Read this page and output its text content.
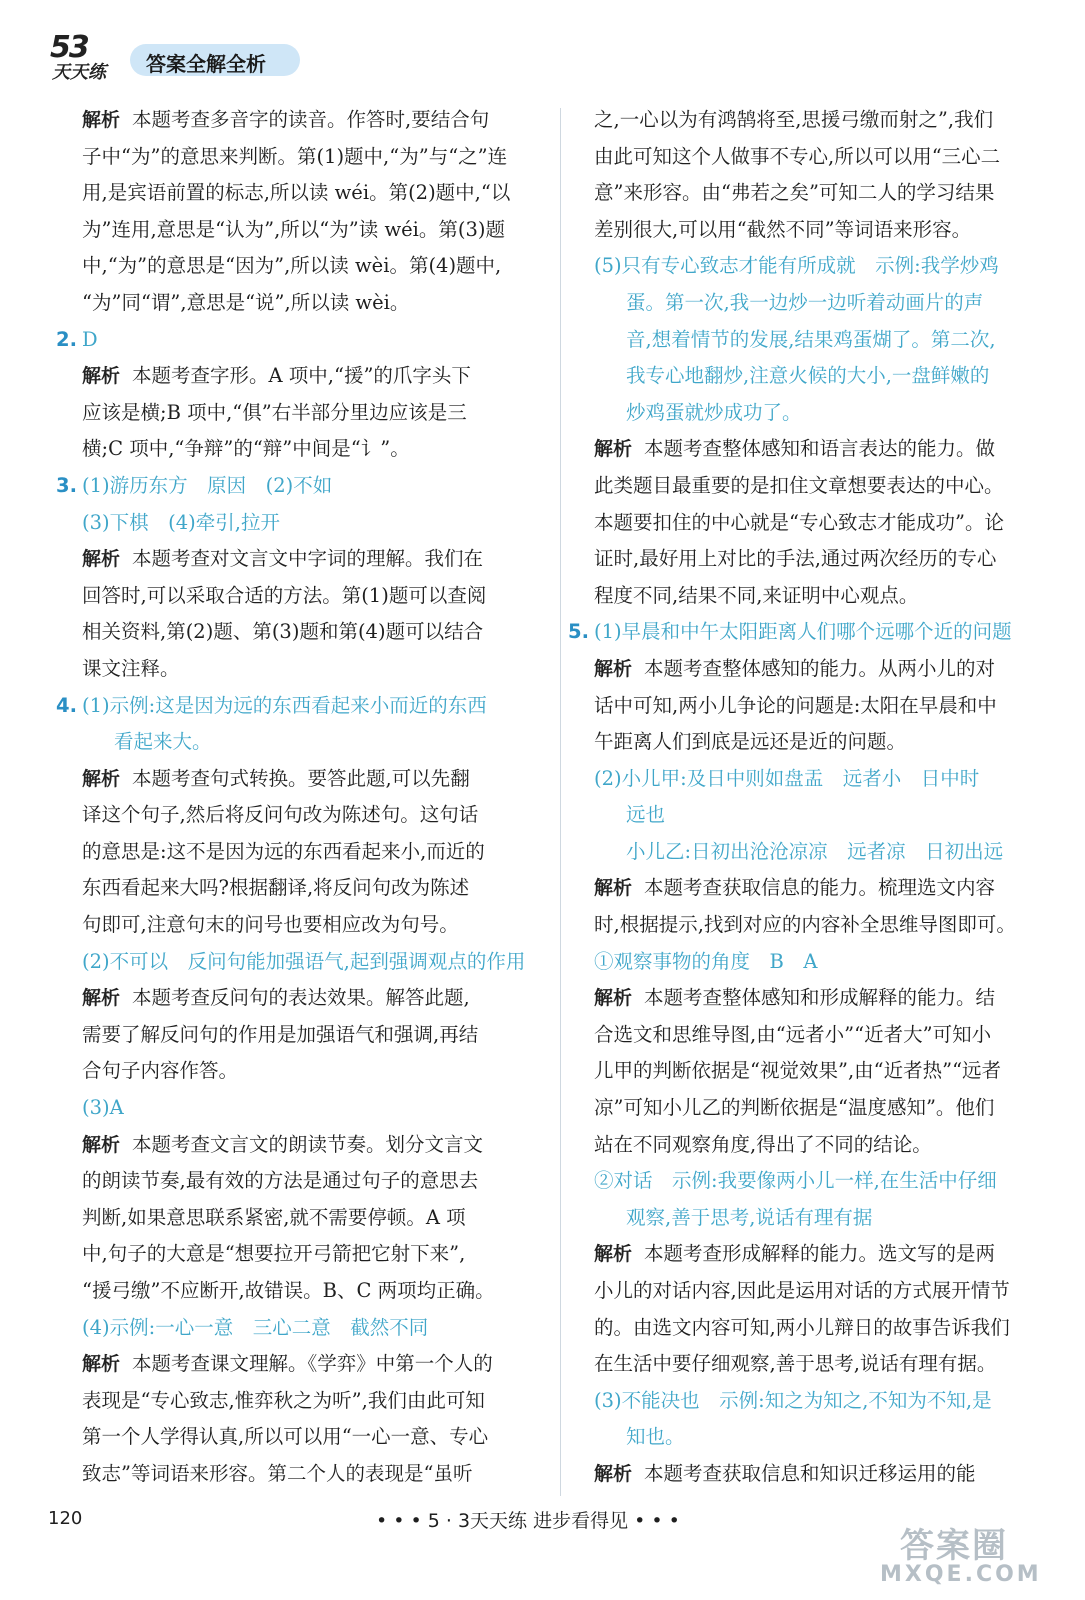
53
天天练 答案全解全析
解析 本题考查多音字的读音。作答时,要结合句
子中“为”的意思来判断。第(1)题中,“为”与“之”连
用,是宾语前置的标志,所以读 wéi。第(2)题中,“以
为”连用,意思是“认为”,所以“为”读 wéi。第(3)题
中,“为”的意思是“因为”,所以读 wèi。第(4)题中,
“为”同“谓”,意思是“说”,所以读 wèi。
2. D
解析 本题考查字形。A 项中,“援”的爪字头下
应该是横;B 项中,“俱”右半部分里边应该是三
横;C 项中,“争辩”的“辩”中间是“讠”。
3. (1)游历东方　原因　(2)不如
(3)下棋　(4)牵引,拉开
解析 本题考查对文言文中字词的理解。我们在
回答时,可以采取合适的方法。第(1)题可以查阅
相关资料,第(2)题、第(3)题和第(4)题可以结合
课文注释。
4. (1)示例:这是因为远的东西看起来小而近的东西
看起来大。
解析 本题考查句式转换。要答此题,可以先翻
译这个句子,然后将反问句改为陈述句。这句话
的意思是:这不是因为远的东西看起来小,而近的
东西看起来大吗?根据翻译,将反问句改为陈述
句即可,注意句末的问号也要相应改为句号。
(2)不可以　反问句能加强语气,起到强调观点的作用
解析 本题考查反问句的表达效果。解答此题,
需要了解反问句的作用是加强语气和强调,再结
合句子内容作答。
(3)A
解析 本题考查文言文的朗读节奏。划分文言文
的朗读节奏,最有效的方法是通过句子的意思去
判断,如果意思联系紧密,就不需要停顿。A 项
中,句子的大意是“想要拉开弓箭把它射下来”,
“援弓缴”不应断开,故错误。B、C 两项均正确。
(4)示例:一心一意　三心二意　截然不同
解析 本题考查课文理解。《学弈》中第一个人的
表现是“专心致志,惟弈秋之为听”,我们由此可知
第一个人学得认真,所以可以用“一心一意、专心
致志”等词语来形容。第二个人的表现是“虽听
之,一心以为有鸿鹄将至,思援弓缴而射之”,我们
由此可知这个人做事不专心,所以可以用“三心二
意”来形容。由“弗若之矣”可知二人的学习结果
差别很大,可以用“截然不同”等词语来形容。
(5)只有专心致志才能有所成就　示例:我学炒鸡
蛋。第一次,我一边炒一边听着动画片的声
音,想着情节的发展,结果鸡蛋煳了。第二次,
我专心地翻炒,注意火候的大小,一盘鲜嫩的
炒鸡蛋就炒成功了。
解析 本题考查整体感知和语言表达的能力。做
此类题目最重要的是扣住文章想要表达的中心。
本题要扣住的中心就是“专心致志才能成功”。论
证时,最好用上对比的手法,通过两次经历的专心
程度不同,结果不同,来证明中心观点。
5. (1)早晨和中午太阳距离人们哪个远哪个近的问题
解析 本题考查整体感知的能力。从两小儿的对
话中可知,两小儿争论的问题是:太阳在早晨和中
午距离人们到底是远还是近的问题。
(2)小儿甲:及日中则如盘盂　远者小　日中时
远也
小儿乙:日初出沧沧凉凉　远者凉　日初出远
解析 本题考查获取信息的能力。梳理选文内容
时,根据提示,找到对应的内容补全思维导图即可。
①观察事物的角度　B　A
解析 本题考查整体感知和形成解释的能力。结
合选文和思维导图,由“远者小”“近者大”可知小
儿甲的判断依据是“视觉效果”,由“近者热”“远者
凉”可知小儿乙的判断依据是“温度感知”。他们
站在不同观察角度,得出了不同的结论。
②对话　示例:我要像两小儿一样,在生活中仔细
观察,善于思考,说话有理有据
解析 本题考查形成解释的能力。选文写的是两
小儿的对话内容,因此是运用对话的方式展开情节
的。由选文内容可知,两小儿辩日的故事告诉我们
在生活中要仔细观察,善于思考,说话有理有据。
(3)不能决也　示例:知之为知之,不知为不知,是
知也。
解析 本题考查获取信息和知识迁移运用的能
120	• • • 5 · 3天天练 进步看得见 • • •
答案圈
MXQE.COM
